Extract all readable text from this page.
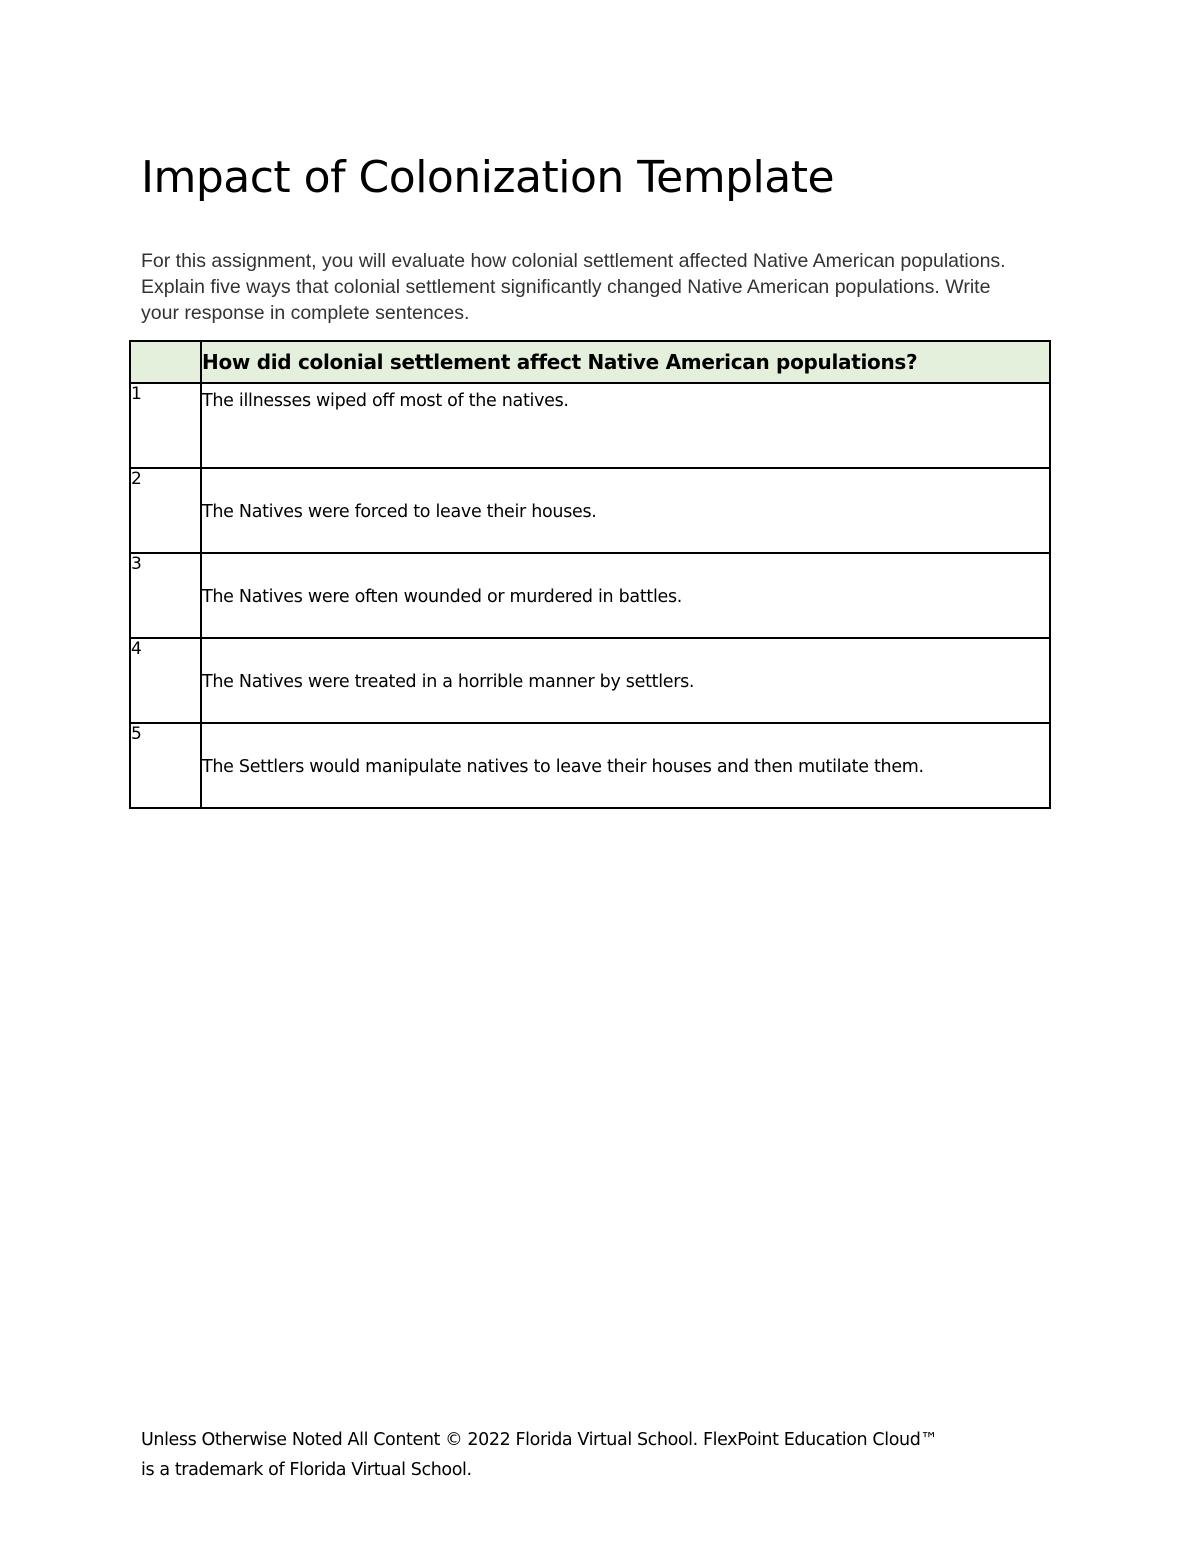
Impact of Colonization Template

For this assignment, you will evaluate how colonial settlement affected Native American populations. Explain five ways that colonial settlement significantly changed Native American populations. Write your response in complete sentences.

	How did colonial settlement affect Native American populations?
1	The illnesses wiped off most of the natives.
2	The Natives were forced to leave their houses.
3	The Natives were often wounded or murdered in battles.
4	The Natives were treated in a horrible manner by settlers.
5	The Settlers would manipulate natives to leave their houses and then mutilate them.
Unless Otherwise Noted All Content © 2022 Florida Virtual School. FlexPoint Education Cloud™
is a trademark of Florida Virtual School.
